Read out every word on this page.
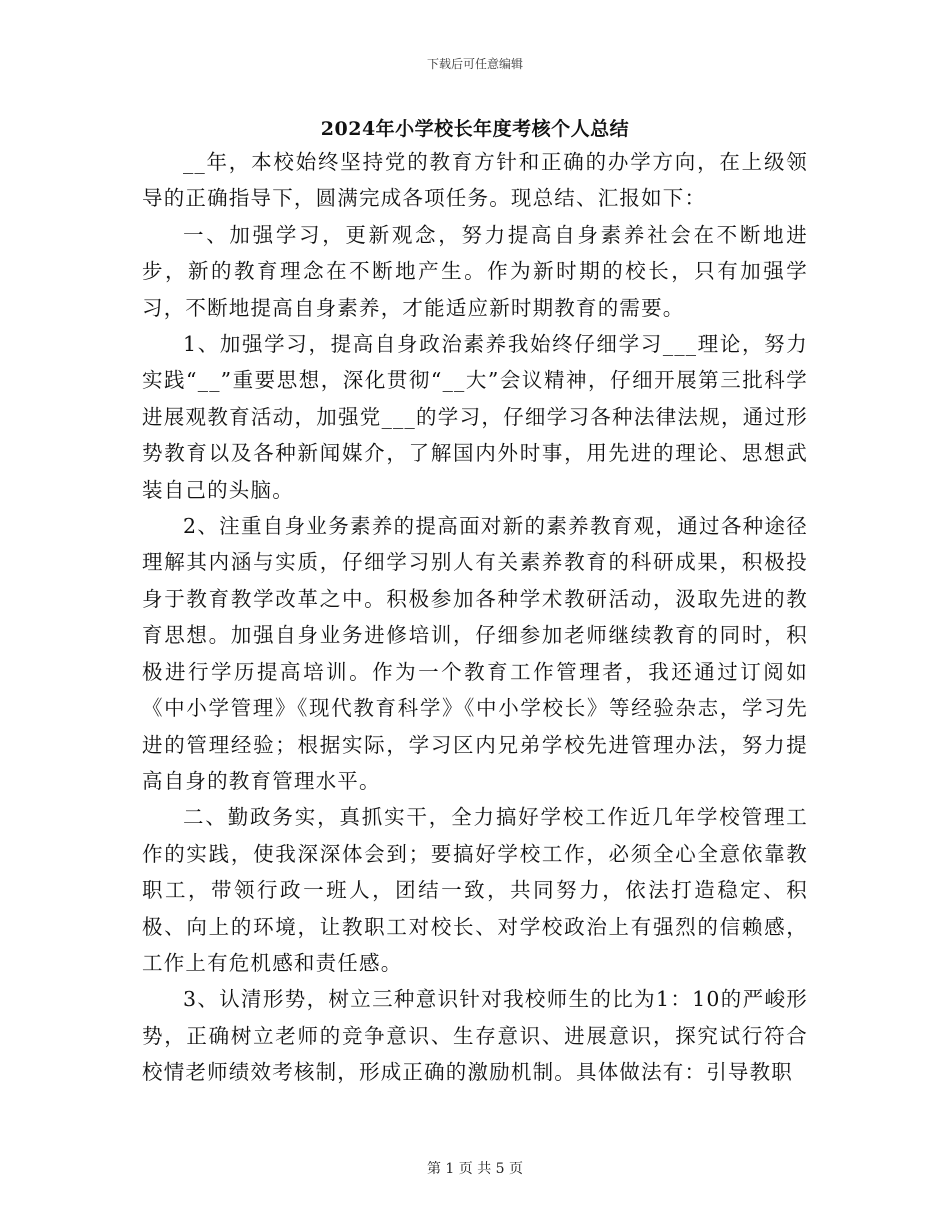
下载后可任意编辑
2024年小学校长年度考核个人总结

__年，本校始终坚持党的教育方针和正确的办学方向，在上级领导的正确指导下，圆满完成各项任务。现总结、汇报如下：

一、加强学习，更新观念，努力提高自身素养社会在不断地进步，新的教育理念在不断地产生。作为新时期的校长，只有加强学习，不断地提高自身素养，才能适应新时期教育的需要。

1、加强学习，提高自身政治素养我始终仔细学习___理论，努力实践“__”重要思想，深化贯彻“__大”会议精神，仔细开展第三批科学进展观教育活动，加强党___的学习，仔细学习各种法律法规，通过形势教育以及各种新闻媒介，了解国内外时事，用先进的理论、思想武装自己的头脑。

2、注重自身业务素养的提高面对新的素养教育观，通过各种途径理解其内涵与实质，仔细学习别人有关素养教育的科研成果，积极投身于教育教学改革之中。积极参加各种学术教研活动，汲取先进的教育思想。加强自身业务进修培训，仔细参加老师继续教育的同时，积极进行学历提高培训。作为一个教育工作管理者，我还通过订阅如《中小学管理》《现代教育科学》《中小学校长》等经验杂志，学习先进的管理经验；根据实际，学习区内兄弟学校先进管理办法，努力提高自身的教育管理水平。

二、勤政务实，真抓实干，全力搞好学校工作近几年学校管理工作的实践，使我深深体会到；要搞好学校工作，必须全心全意依靠教职工，带领行政一班人，团结一致，共同努力，依法打造稳定、积极、向上的环境，让教职工对校长、对学校政治上有强烈的信赖感，工作上有危机感和责任感。

3、认清形势，树立三种意识针对我校师生的比为1：10的严峻形势，正确树立老师的竞争意识、生存意识、进展意识，探究试行符合校情老师绩效考核制，形成正确的激励机制。具体做法有：引导教职

第 1 页 共 5 页
